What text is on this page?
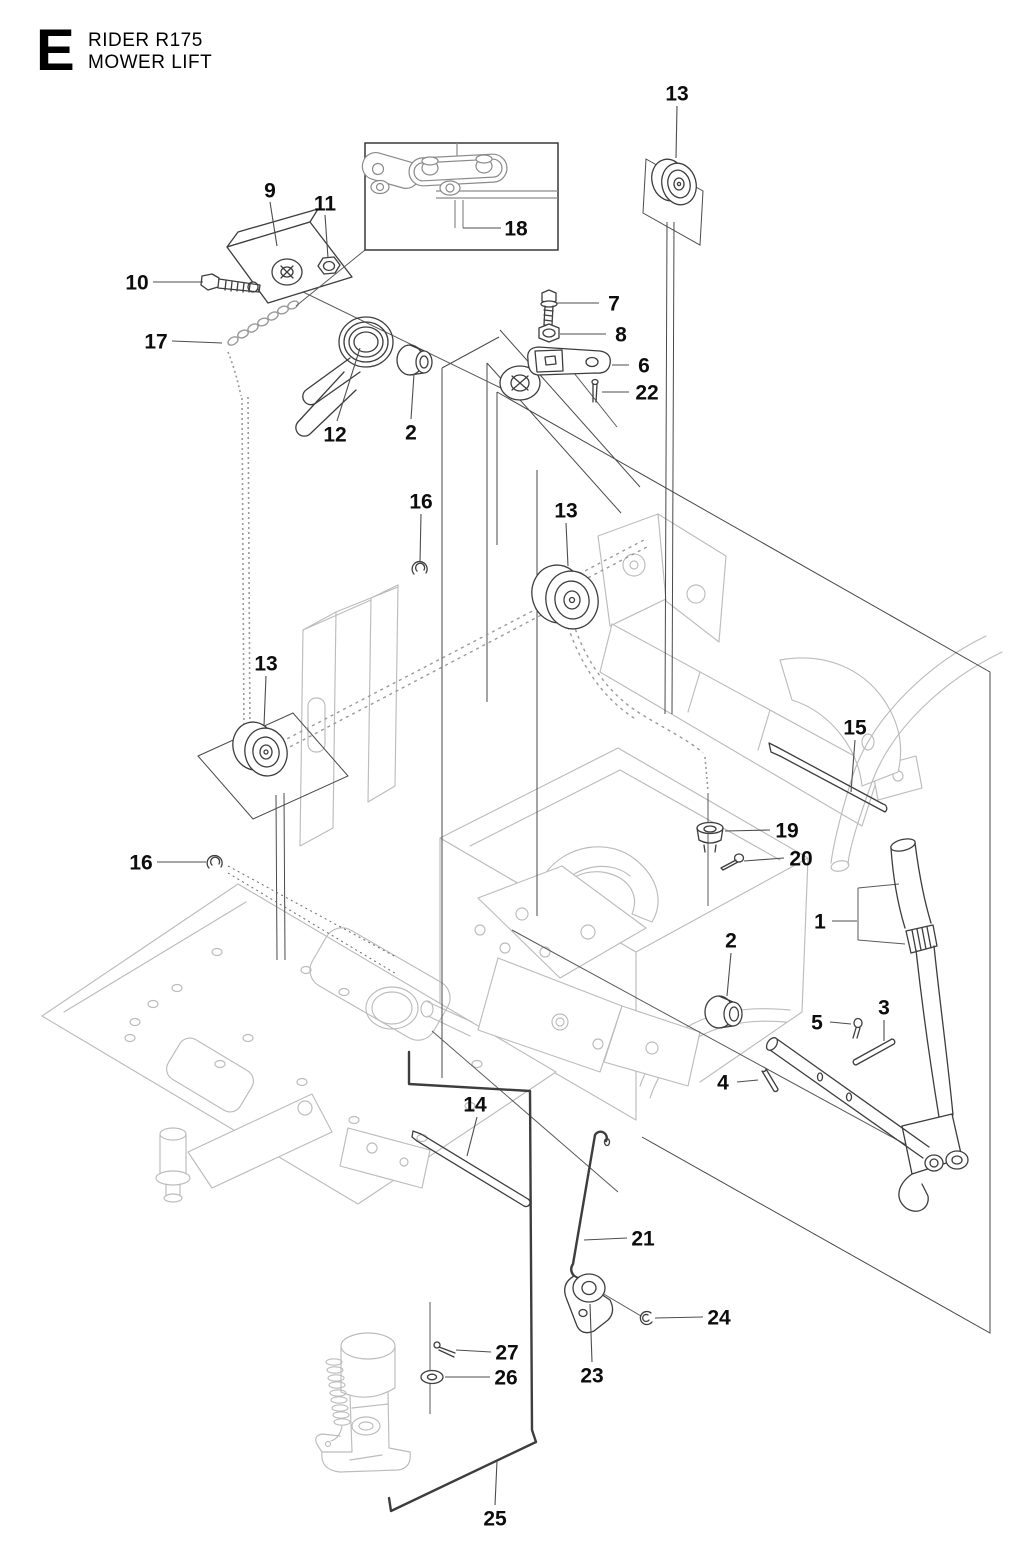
E RIDER R175
MOWER LIFT
9
11
10
17
12	2
18
7
8
6
22
13
16	13
13
15
19
20
16
1
2
3
5
4
14
21
24
23
27
26
25
